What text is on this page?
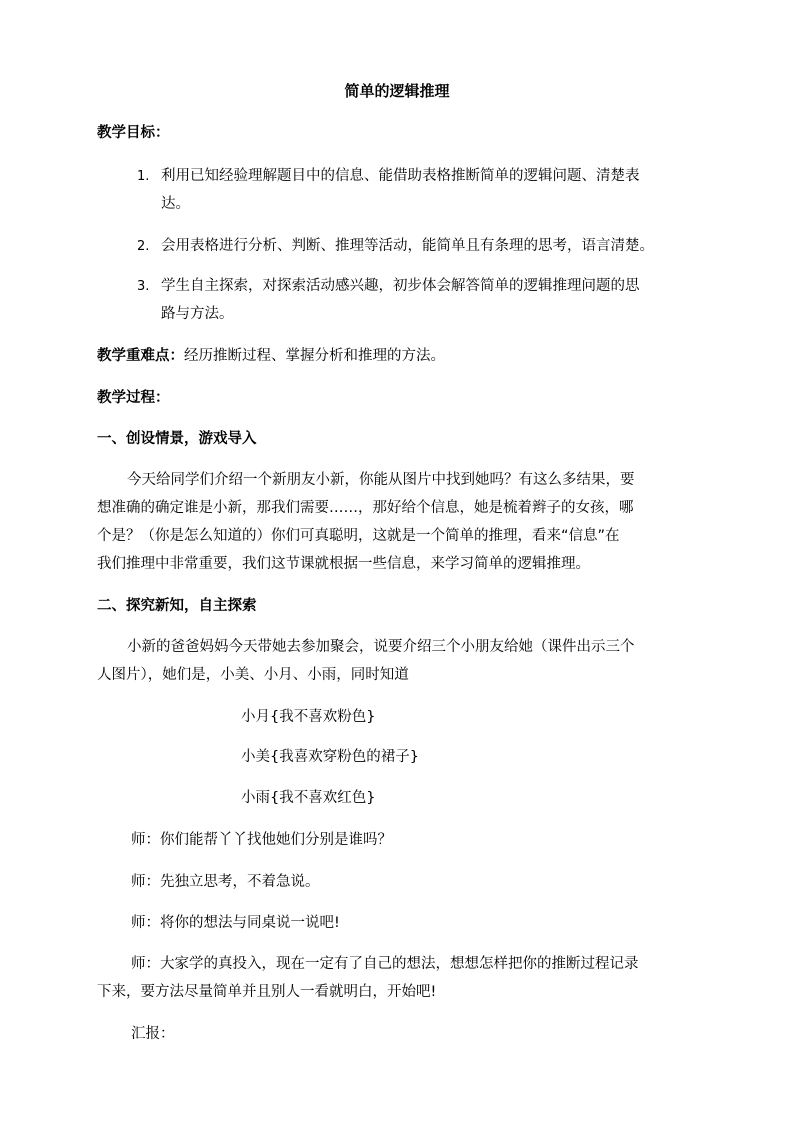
简单的逻辑推理
教学目标：
1. 利用已知经验理解题目中的信息、能借助表格推断简单的逻辑问题、清楚表
达。
2. 会用表格进行分析、判断、推理等活动，能简单且有条理的思考，语言清楚。
3. 学生自主探索，对探索活动感兴趣，初步体会解答简单的逻辑推理问题的思
路与方法。
教学重难点：经历推断过程、掌握分析和推理的方法。
教学过程：
一、创设情景，游戏导入
今天给同学们介绍一个新朋友小新，你能从图片中找到她吗？有这么多结果，要
想准确的确定谁是小新，那我们需要……，那好给个信息，她是梳着辫子的女孩，哪
个是？（你是怎么知道的）你们可真聪明，这就是一个简单的推理，看来“信息”在
我们推理中非常重要，我们这节课就根据一些信息，来学习简单的逻辑推理。
二、探究新知，自主探索
小新的爸爸妈妈今天带她去参加聚会，说要介绍三个小朋友给她（课件出示三个
人图片），她们是，小美、小月、小雨，同时知道
小月{我不喜欢粉色}
小美{我喜欢穿粉色的裙子}
小雨{我不喜欢红色}
师：你们能帮丫丫找他她们分别是谁吗？
师：先独立思考，不着急说。
师：将你的想法与同桌说一说吧!
师：大家学的真投入，现在一定有了自己的想法，想想怎样把你的推断过程记录
下来，要方法尽量简单并且别人一看就明白，开始吧!
汇报：
